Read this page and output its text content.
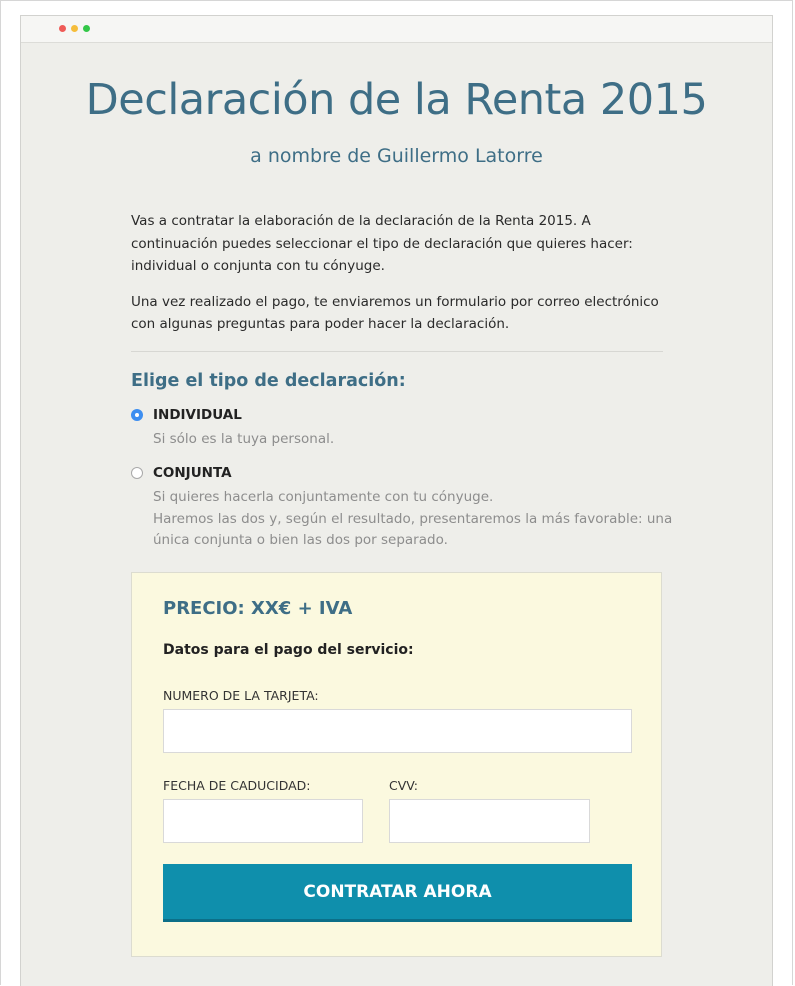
Declaración de la Renta 2015
a nombre de Guillermo Latorre

Vas a contratar la elaboración de la declaración de la Renta 2015. A continuación puedes seleccionar el tipo de declaración que quieres hacer: individual o conjunta con tu cónyuge.

Una vez realizado el pago, te enviaremos un formulario por correo electrónico con algunas preguntas para poder hacer la declaración.

Elige el tipo de declaración:
INDIVIDUAL
Si sólo es la tuya personal.
CONJUNTA
Si quieres hacerla conjuntamente con tu cónyuge.
Haremos las dos y, según el resultado, presentaremos la más favorable: una única conjunta o bien las dos por separado.
PRECIO: XX€ + IVA
Datos para el pago del servicio:
NUMERO DE LA TARJETA:
FECHA DE CADUCIDAD:	CVV:
CONTRATAR AHORA
